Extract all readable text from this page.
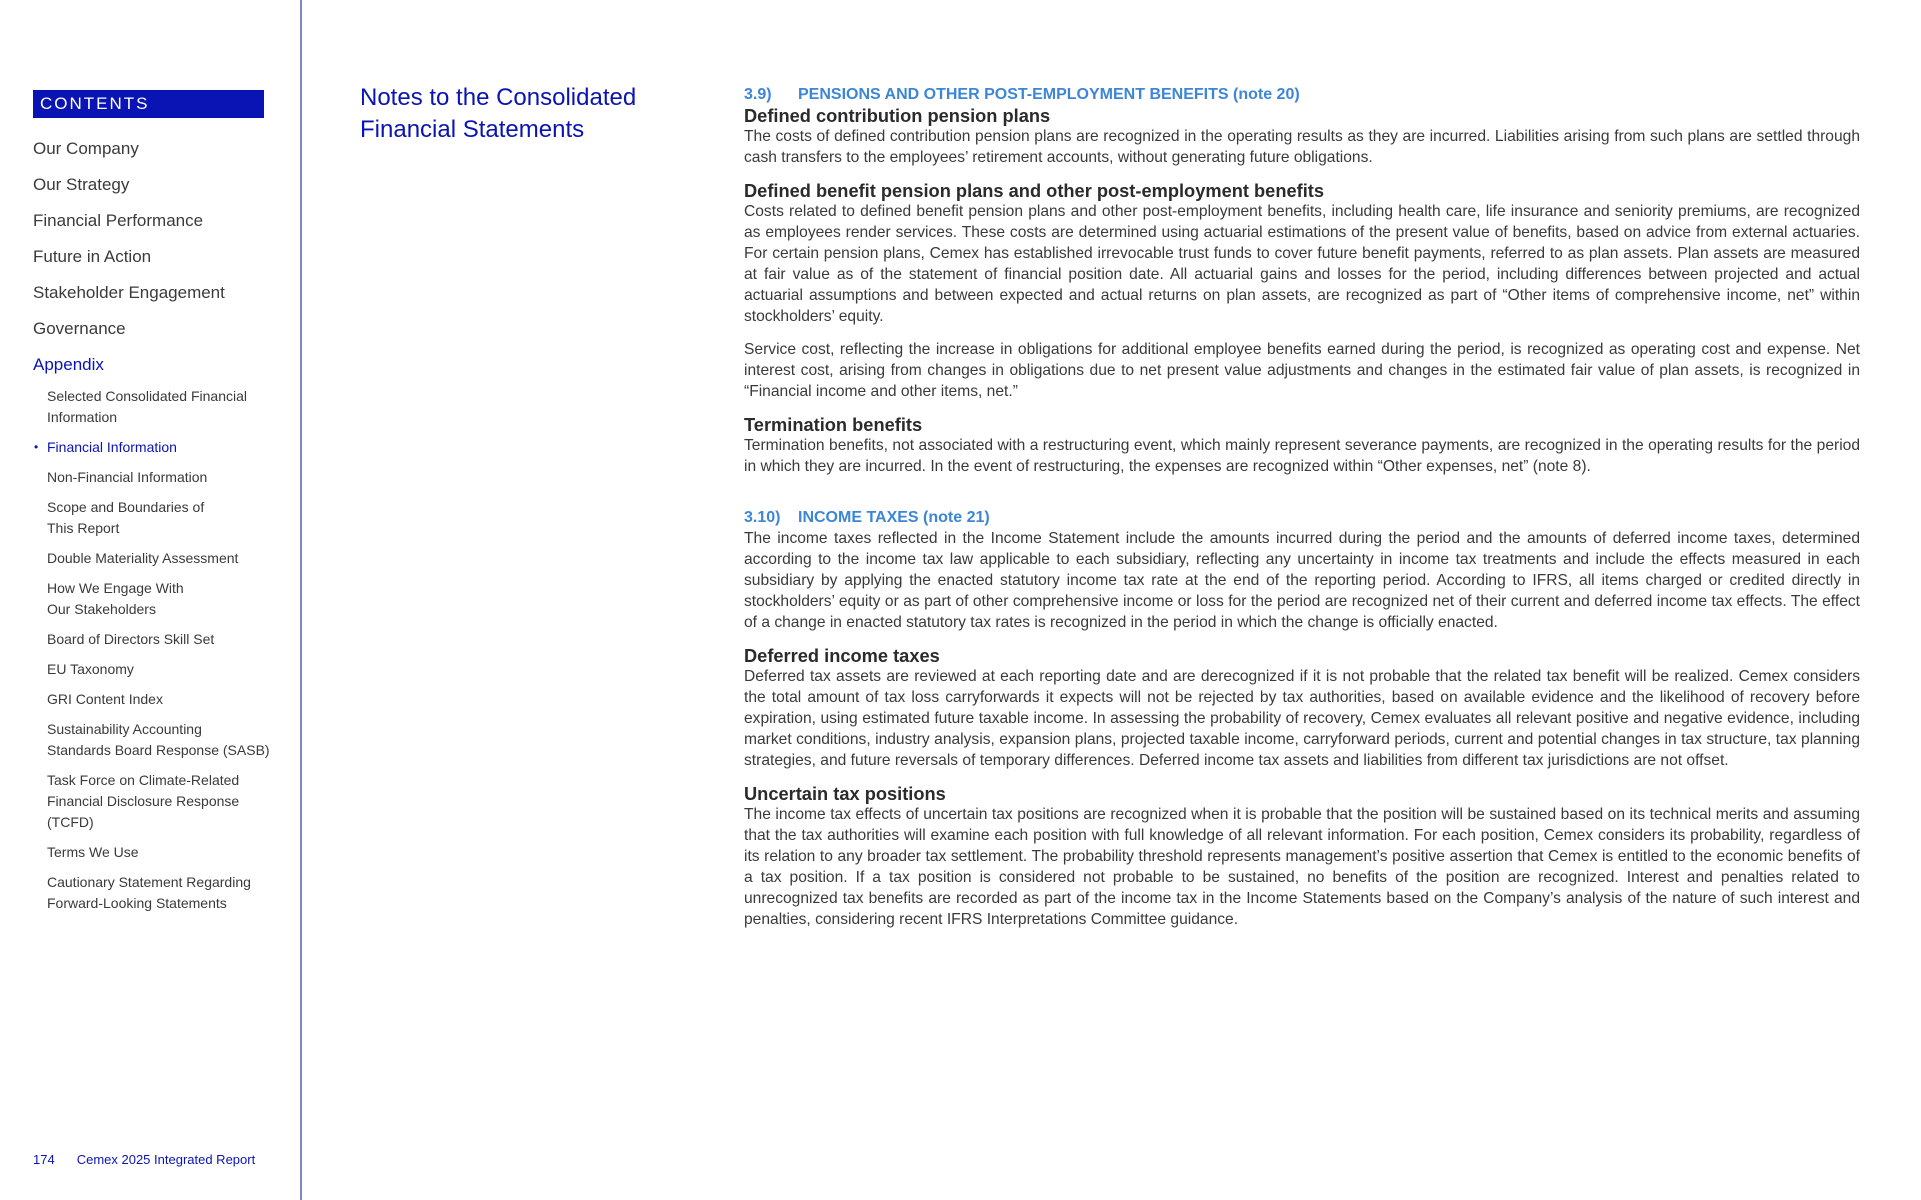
CONTENTS
Our Company
Our Strategy
Financial Performance
Future in Action
Stakeholder Engagement
Governance
Appendix
Selected Consolidated Financial
Information
• Financial Information
Non-Financial Information
Scope and Boundaries of
This Report
Double Materiality Assessment
How We Engage With
Our Stakeholders
Board of Directors Skill Set
EU Taxonomy
GRI Content Index
Sustainability Accounting
Standards Board Response (SASB)
Task Force on Climate-Related
Financial Disclosure Response
(TCFD)
Terms We Use
Cautionary Statement Regarding
Forward-Looking Statements
174 Cemex 2025 Integrated Report
Notes to the Consolidated Financial Statements
3.9) PENSIONS AND OTHER POST-EMPLOYMENT BENEFITS (note 20)
Defined contribution pension plans

The costs of defined contribution pension plans are recognized in the operating results as they are incurred. Liabilities arising from such plans are settled through cash transfers to the employees’ retirement accounts, without generating future obligations.

Defined benefit pension plans and other post-employment benefits

Costs related to defined benefit pension plans and other post-employment benefits, including health care, life insurance and seniority premiums, are recognized as employees render services. These costs are determined using actuarial estimations of the present value of benefits, based on advice from external actuaries. For certain pension plans, Cemex has established irrevocable trust funds to cover future benefit payments, referred to as plan assets. Plan assets are measured at fair value as of the statement of financial position date. All actuarial gains and losses for the period, including differences between projected and actual actuarial assumptions and between expected and actual returns on plan assets, are recognized as part of “Other items of comprehensive income, net” within stockholders’ equity.

Service cost, reflecting the increase in obligations for additional employee benefits earned during the period, is recognized as operating cost and expense. Net interest cost, arising from changes in obligations due to net present value adjustments and changes in the estimated fair value of plan assets, is recognized in “Financial income and other items, net.”

Termination benefits

Termination benefits, not associated with a restructuring event, which mainly represent severance payments, are recognized in the operating results for the period in which they are incurred. In the event of restructuring, the expenses are recognized within “Other expenses, net” (note 8).

3.10) INCOME TAXES (note 21)

The income taxes reflected in the Income Statement include the amounts incurred during the period and the amounts of deferred income taxes, determined according to the income tax law applicable to each subsidiary, reflecting any uncertainty in income tax treatments and include the effects measured in each subsidiary by applying the enacted statutory income tax rate at the end of the reporting period. According to IFRS, all items charged or credited directly in stockholders’ equity or as part of other comprehensive income or loss for the period are recognized net of their current and deferred income tax effects. The effect of a change in enacted statutory tax rates is recognized in the period in which the change is officially enacted.

Deferred income taxes

Deferred tax assets are reviewed at each reporting date and are derecognized if it is not probable that the related tax benefit will be realized. Cemex considers the total amount of tax loss carryforwards it expects will not be rejected by tax authorities, based on available evidence and the likelihood of recovery before expiration, using estimated future taxable income. In assessing the probability of recovery, Cemex evaluates all relevant positive and negative evidence, including market conditions, industry analysis, expansion plans, projected taxable income, carryforward periods, current and potential changes in tax structure, tax planning strategies, and future reversals of temporary differences. Deferred income tax assets and liabilities from different tax jurisdictions are not offset.

Uncertain tax positions

The income tax effects of uncertain tax positions are recognized when it is probable that the position will be sustained based on its technical merits and assuming that the tax authorities will examine each position with full knowledge of all relevant information. For each position, Cemex considers its probability, regardless of its relation to any broader tax settlement. The probability threshold represents management’s positive assertion that Cemex is entitled to the economic benefits of a tax position. If a tax position is considered not probable to be sustained, no benefits of the position are recognized. Interest and penalties related to unrecognized tax benefits are recorded as part of the income tax in the Income Statements based on the Company’s analysis of the nature of such interest and penalties, considering recent IFRS Interpretations Committee guidance.
